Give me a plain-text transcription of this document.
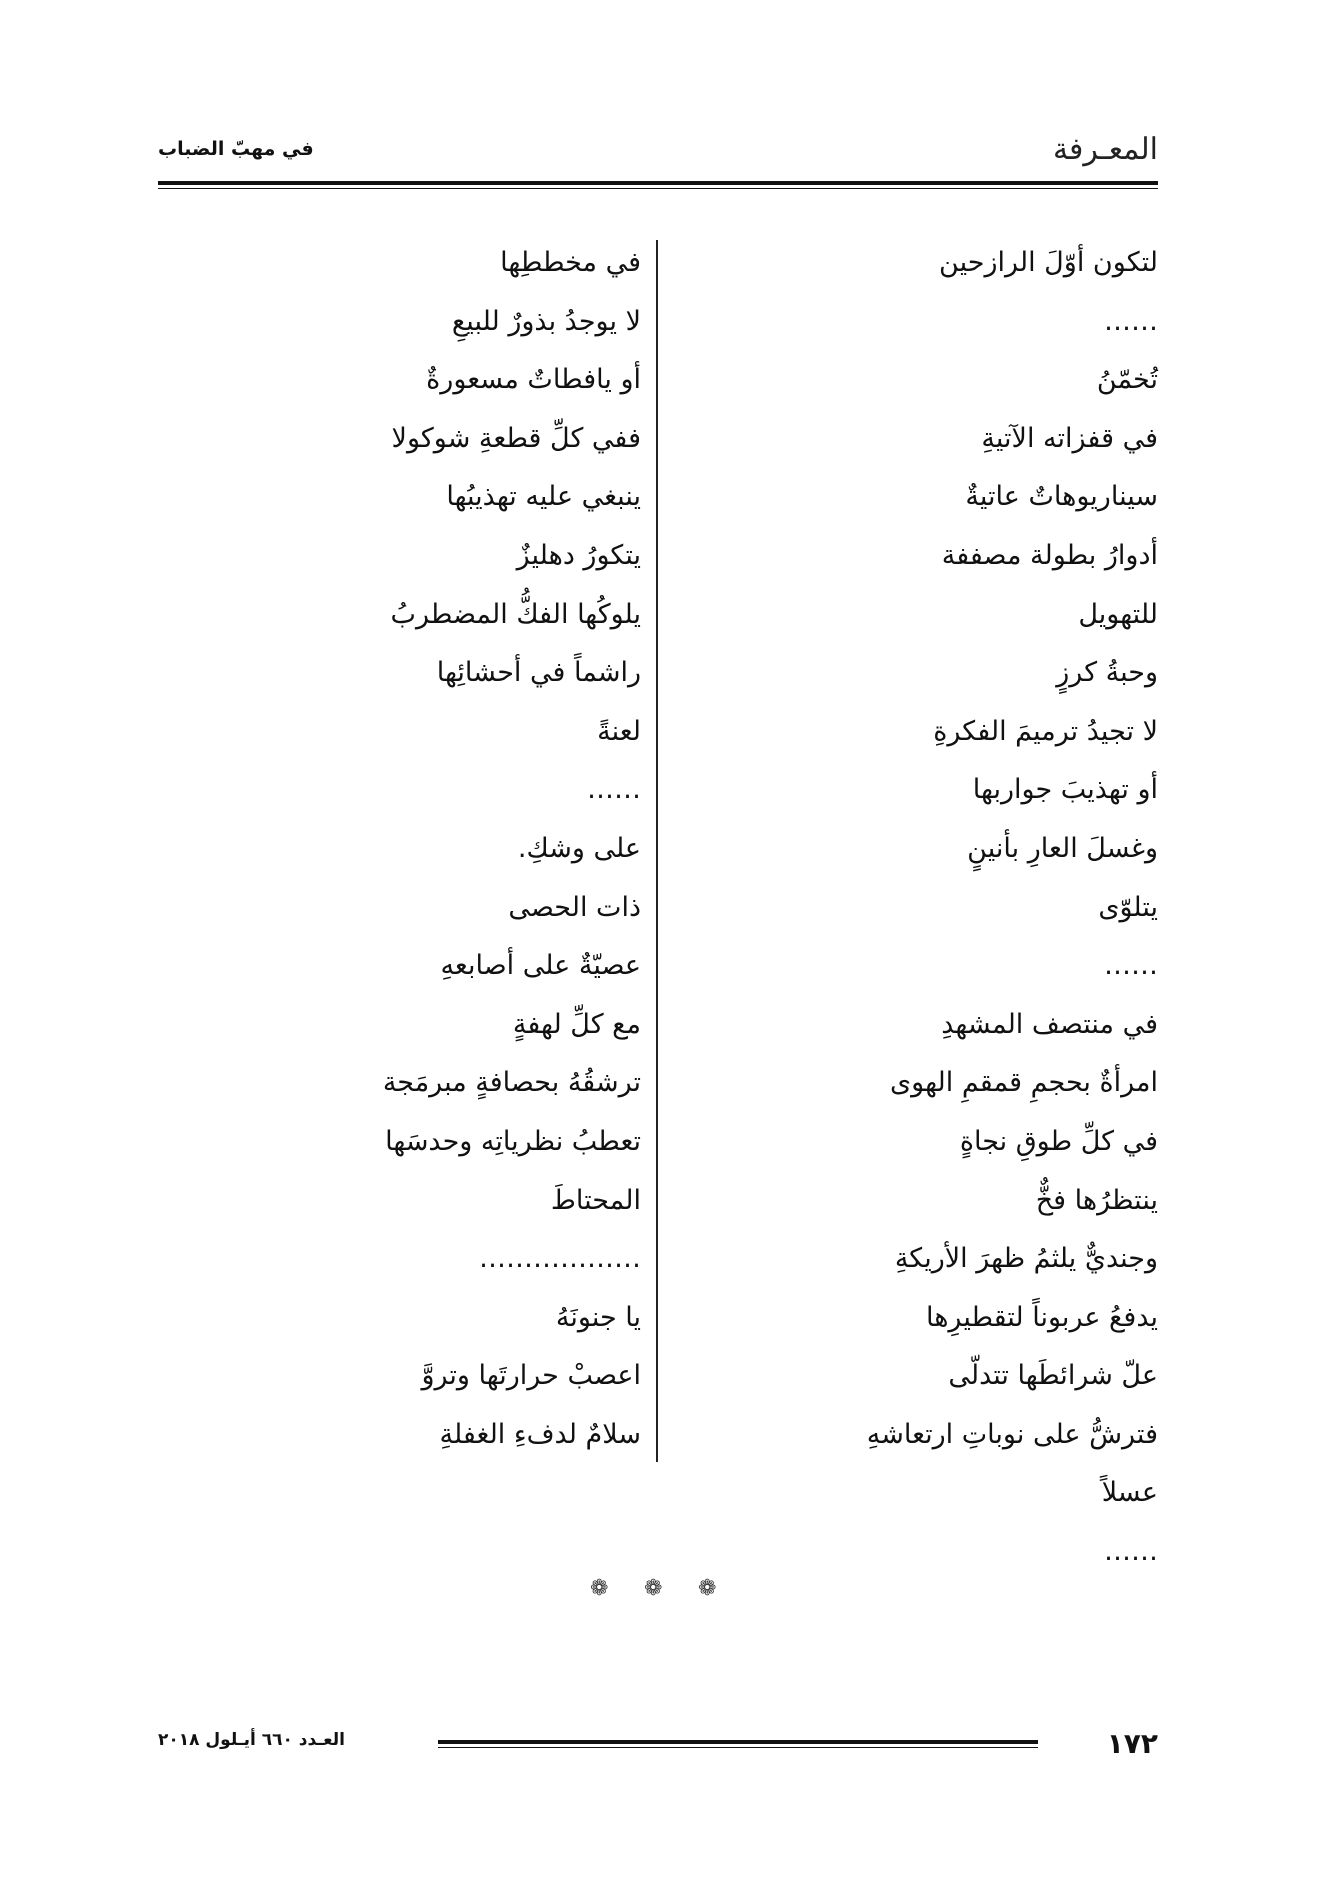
المعـرفة
في مهبّ الضباب
لتكون أوّلَ الرازحين
……
تُخمّنُ
في قفزاته الآتيةِ
سيناريوهاتٌ عاتيةٌ
أدوارُ بطولة مصففة
للتهويل
وحبةُ كرزٍ
لا تجيدُ ترميمَ الفكرةِ
أو تهذيبَ جواربها
وغسلَ العارِ بأنينٍ
يتلوّى
……
في منتصف المشهدِ
امرأةٌ بحجمِ قمقمِ الهوى
في كلِّ طوقِ نجاةٍ
ينتظرُها فخٌّ
وجنديٌّ يلثمُ ظهرَ الأريكةِ
يدفعُ عربوناً لتقطيرِها
علّ شرائطَها تتدلّى
فترشُّ على نوباتِ ارتعاشهِ
عسلاً
……
في مخططِها
لا يوجدُ بذورٌ للبيعِ
أو يافطاتٌ مسعورةٌ
ففي كلِّ قطعةِ شوكولا
ينبغي عليه تهذيبُها
يتكورُ دهليزٌ
يلوكُها الفكُّ المضطربُ
راشماً في أحشائِها
لعنةً
……
على وشكِ.
ذات الحصى
عصيّةٌ على أصابعهِ
مع كلِّ لهفةٍ
ترشقُهُ بحصافةٍ مبرمَجة
تعطبُ نظرياتِه وحدسَها
المحتاطَ
………………
يا جنونَهُ
اعصبْ حرارتَها وتروَّ
سلامٌ لدفءِ الغفلةِ
❁ ❁ ❁
١٧٢
العـدد ٦٦٠ أيـلول ٢٠١٨
